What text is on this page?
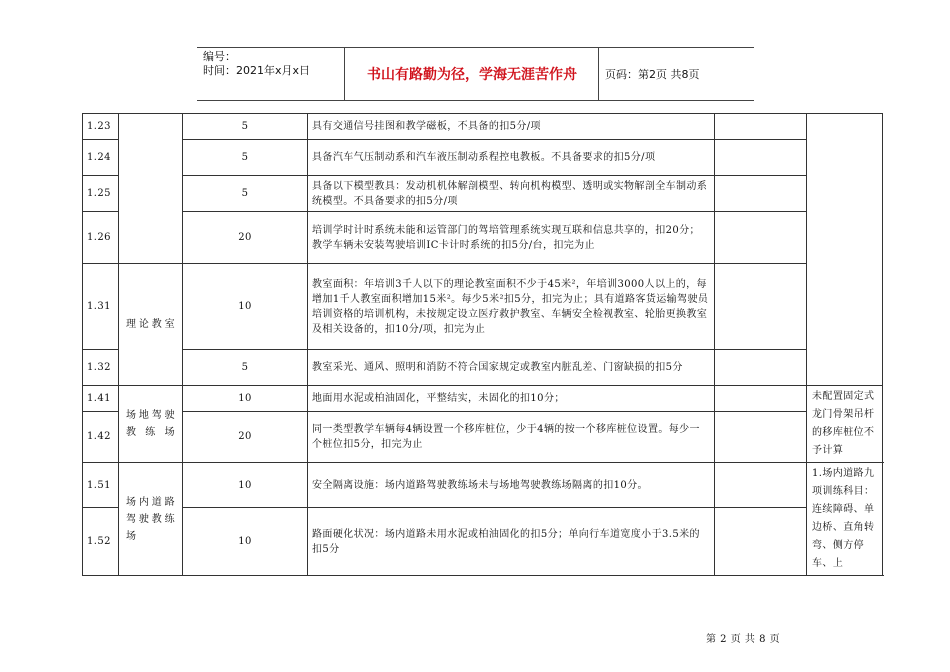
编号：
时间：2021年x月x日	书山有路勤为径，学海无涯苦作舟	页码：第2页 共8页
1.23		5	具有交通信号挂图和教学磁板，不具备的扣5分/项		
1.24		5	具备汽车气压制动系和汽车液压制动系程控电教板。不具备要求的扣5分/项		
1.25		5	具备以下模型教具：发动机机体解剖模型、转向机构模型、透明或实物解剖全车制动系统模型。不具备要求的扣5分/项		
1.26		20	培训学时计时系统未能和运管部门的驾培管理系统实现互联和信息共享的，扣20分；教学车辆未安装驾驶培训IC卡计时系统的扣5分/台，扣完为止		
1.31	理论教室	10	教室面积：年培训3千人以下的理论教室面积不少于45米²，年培训3000人以上的，每增加1千人教室面积增加15米²。每少5米²扣5分，扣完为止；具有道路客货运输驾驶员培训资格的培训机构，未按规定设立医疗救护教室、车辆安全检视教室、轮胎更换教室及相关设备的，扣10分/项，扣完为止		
1.32		5	教室采光、通风、照明和消防不符合国家规定或教室内脏乱差、门窗缺损的扣5分		
1.41	场地驾驶教练场	10	地面用水泥或柏油固化，平整结实，未固化的扣10分；		未配置固定式龙门骨架吊杆的移库桩位不予计算
1.42		20	同一类型教学车辆每4辆设置一个移库桩位，少于4辆的按一个移库桩位设置。每少一个桩位扣5分，扣完为止		
1.51	场内道路驾驶教练场	10	安全隔离设施：场内道路驾驶教练场未与场地驾驶教练场隔离的扣10分。		1.场内道路九项训练科目：连续障碍、单边桥、直角转弯、侧方停车、上
1.52		10	路面硬化状况：场内道路未用水泥或柏油固化的扣5分；单向行车道宽度小于3.5米的扣5分		
第 2 页 共 8 页
